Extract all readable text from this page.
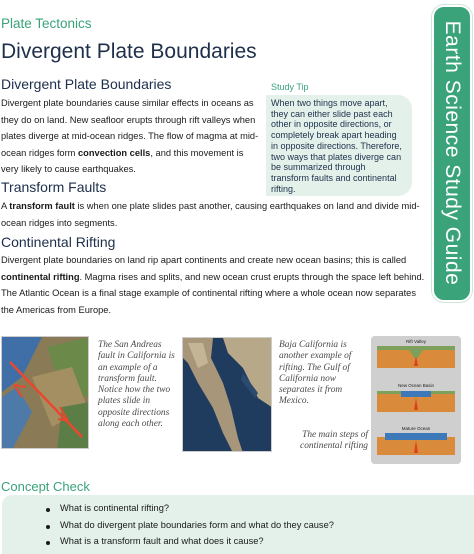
Plate Tectonics
Divergent Plate Boundaries
Divergent Plate Boundaries
Divergent plate boundaries cause similar effects in oceans as they do on land. New seafloor erupts through rift valleys when plates diverge at mid-ocean ridges. The flow of magma at mid-ocean ridges form convection cells, and this movement is very likely to cause earthquakes.
Study Tip
When two things move apart, they can either slide past each other in opposite directions, or completely break apart heading in opposite directions. Therefore, two ways that plates diverge can be summarized through transform faults and continental rifting.
Transform Faults
A transform fault is when one plate slides past another, causing earthquakes on land and divide mid-ocean ridges into segments.
Continental Rifting
Divergent plate boundaries on land rip apart continents and create new ocean basins; this is called continental rifting. Magma rises and splits, and new ocean crust erupts through the space left behind. The Atlantic Ocean is a final stage example of continental rifting where a whole ocean now separates the Americas from Europe.
Earth Science Study Guide
The San Andreas fault in California is an example of a transform fault. Notice how the two plates slide in opposite directions along each other.
Baja California is another example of rifting. The Gulf of California now separates it from Mexico.
The main steps of continental rifting
Rift Valley
New Ocean Basin
Mature Ocean
Concept Check
What is continental rifting?
What do divergent plate boundaries form and what do they cause?
What is a transform fault and what does it cause?
